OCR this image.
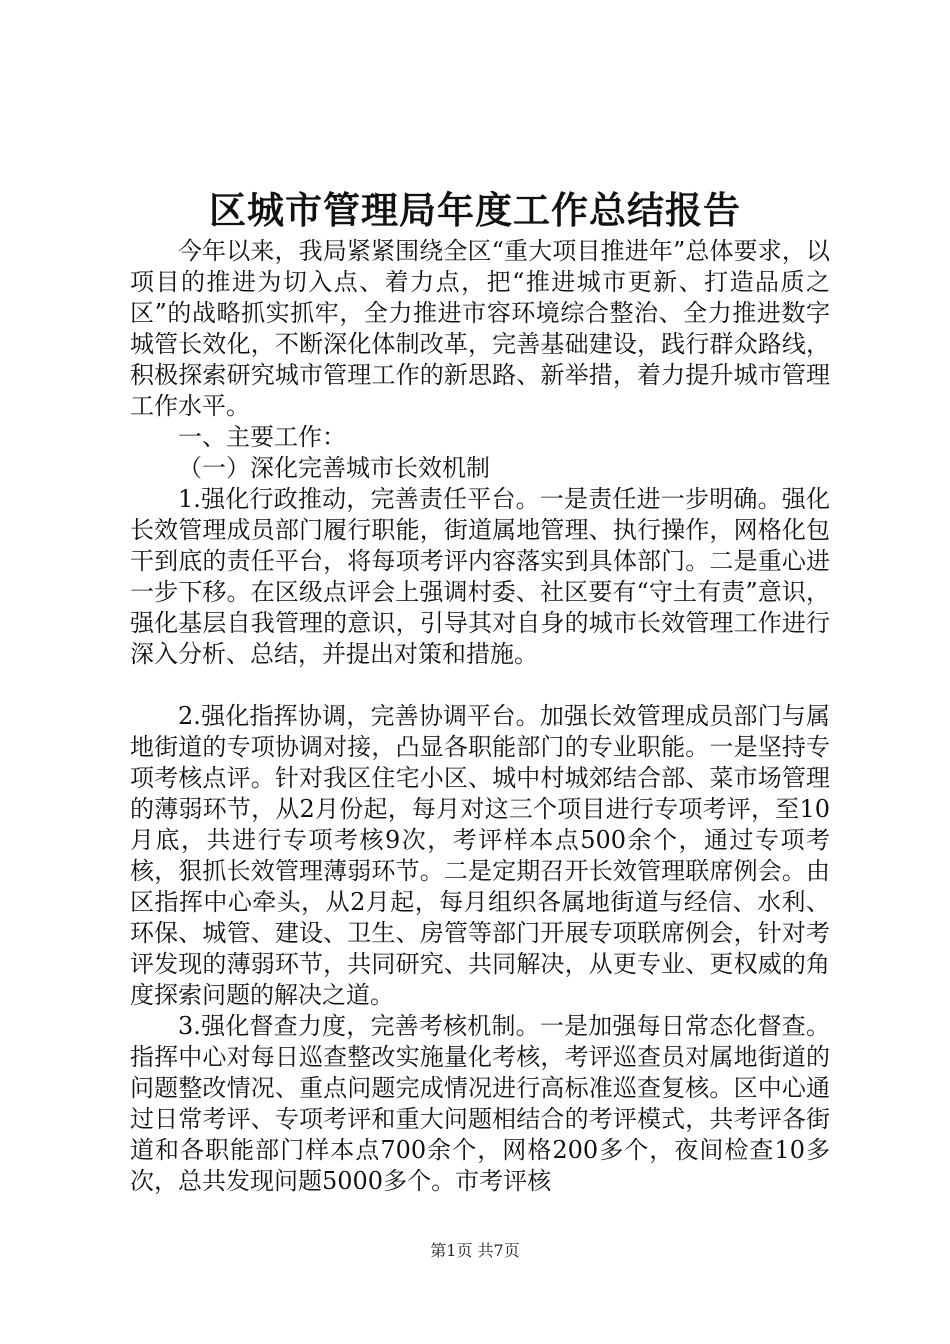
区城市管理局年度工作总结报告

今年以来，我局紧紧围绕全区“重大项目推进年”总体要求，以项目的推进为切入点、着力点，把“推进城市更新、打造品质之区”的战略抓实抓牢，全力推进市容环境综合整治、全力推进数字城管长效化，不断深化体制改革，完善基础建设，践行群众路线，积极探索研究城市管理工作的新思路、新举措，着力提升城市管理工作水平。

一、主要工作：

（一）深化完善城市长效机制

1.强化行政推动，完善责任平台。一是责任进一步明确。强化长效管理成员部门履行职能，街道属地管理、执行操作，网格化包干到底的责任平台，将每项考评内容落实到具体部门。二是重心进一步下移。在区级点评会上强调村委、社区要有“守土有责”意识，强化基层自我管理的意识，引导其对自身的城市长效管理工作进行深入分析、总结，并提出对策和措施。

2.强化指挥协调，完善协调平台。加强长效管理成员部门与属地街道的专项协调对接，凸显各职能部门的专业职能。一是坚持专项考核点评。针对我区住宅小区、城中村城郊结合部、菜市场管理的薄弱环节，从2月份起，每月对这三个项目进行专项考评，至10月底，共进行专项考核9次，考评样本点500余个，通过专项考核，狠抓长效管理薄弱环节。二是定期召开长效管理联席例会。由区指挥中心牵头，从2月起，每月组织各属地街道与经信、水利、环保、城管、建设、卫生、房管等部门开展专项联席例会，针对考评发现的薄弱环节，共同研究、共同解决，从更专业、更权威的角度探索问题的解决之道。

3.强化督查力度，完善考核机制。一是加强每日常态化督查。指挥中心对每日巡查整改实施量化考核，考评巡查员对属地街道的问题整改情况、重点问题完成情况进行高标准巡查复核。区中心通过日常考评、专项考评和重大问题相结合的考评模式，共考评各街道和各职能部门样本点700余个，网格200多个，夜间检查10多次，总共发现问题5000多个。市考评核

第1页 共7页
